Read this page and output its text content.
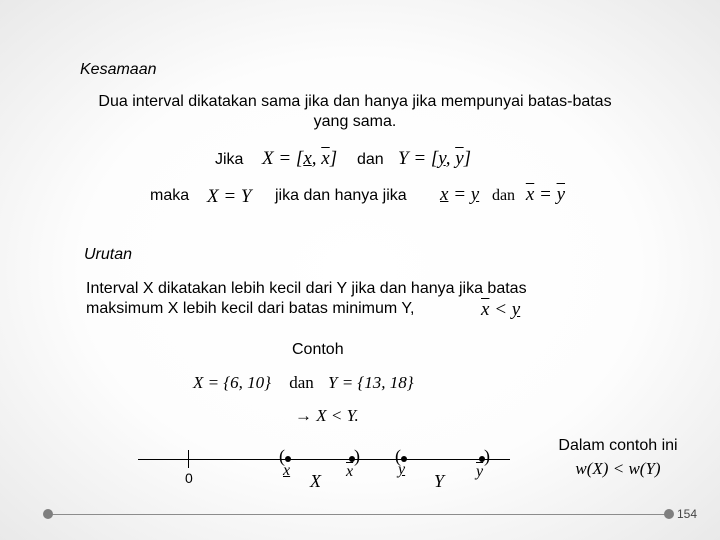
Kesamaan
Dua interval dikatakan sama jika dan hanya jika mempunyai batas-batas yang sama.
Jika X = [x, $\overline{x}$] dan Y = [y, $\overline{y}$]
maka X = Y jika dan hanya jika x = y dan $\overline{x} = \overline{y}$
Urutan
Interval X dikatakan lebih kecil dari Y jika dan hanya jika batas
maksimum X lebih kecil dari batas minimum Y,	$\overline{x} < y$
Contoh
X = {6, 10} dan Y = {13, 18}
→ X < Y.
0
(
x
X
)
$\overline{x}$
(
y
Y
)
$\overline{y}$
Dalam contoh ini
w(X) < w(Y)
154
